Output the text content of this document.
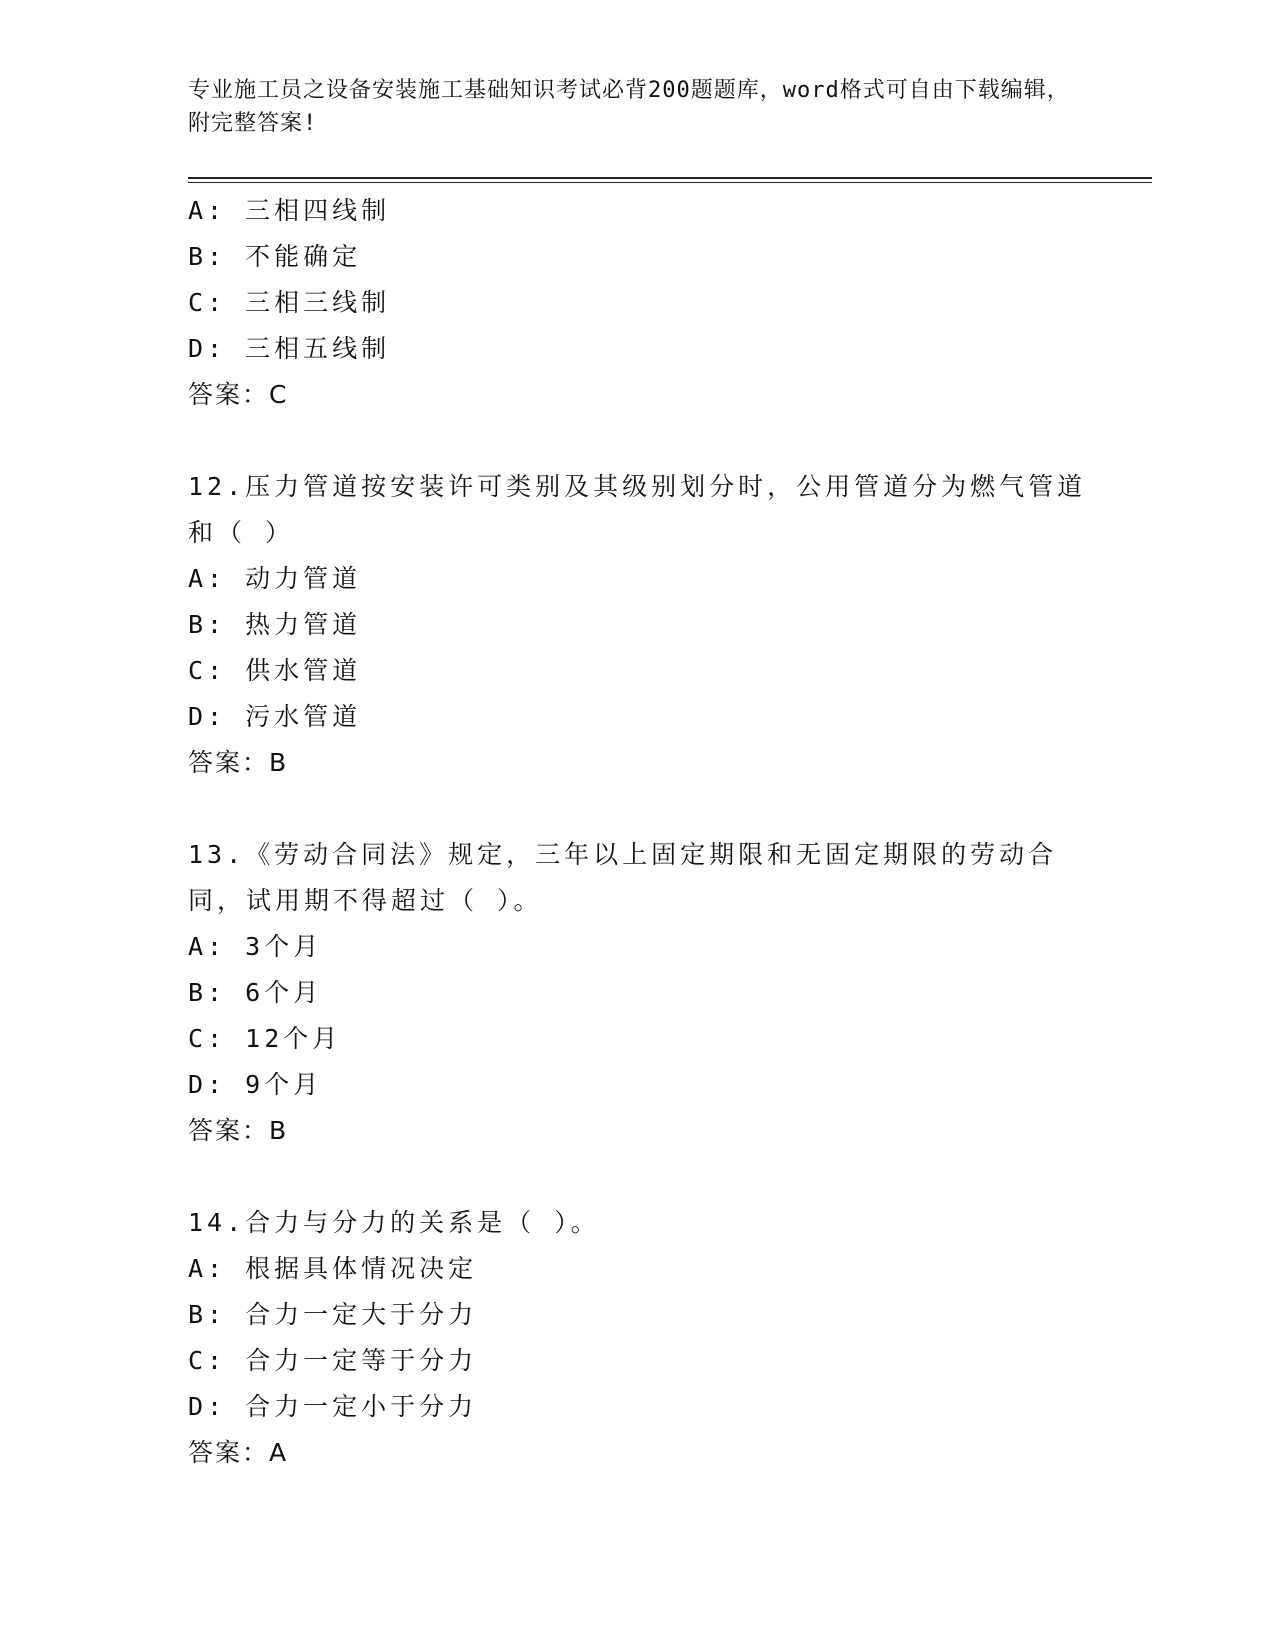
专业施工员之设备安装施工基础知识考试必背200题题库，word格式可自由下载编辑，附完整答案!
A: 三相四线制
B: 不能确定
C: 三相三线制
D: 三相五线制
答案：C
12.压力管道按安装许可类别及其级别划分时，公用管道分为燃气管道和（ ）
A: 动力管道
B: 热力管道
C: 供水管道
D: 污水管道
答案：B
13.《劳动合同法》规定，三年以上固定期限和无固定期限的劳动合同，试用期不得超过（ ）。
A: 3个月
B: 6个月
C: 12个月
D: 9个月
答案：B
14.合力与分力的关系是（ ）。
A: 根据具体情况决定
B: 合力一定大于分力
C: 合力一定等于分力
D: 合力一定小于分力
答案：A
